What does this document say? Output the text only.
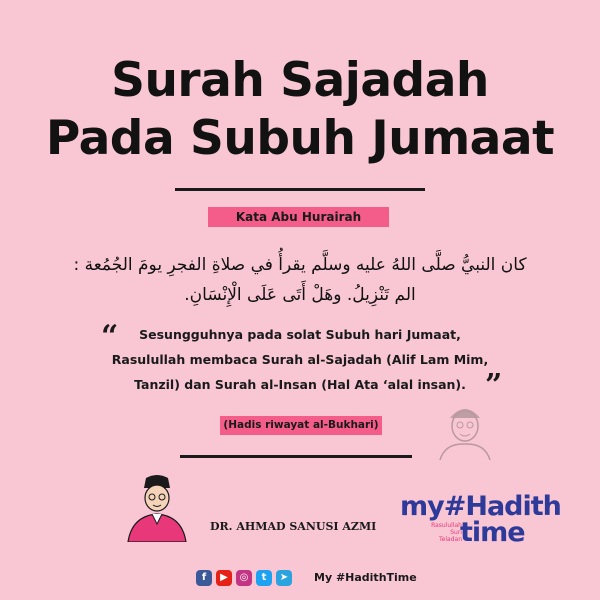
Surah Sajadah
Pada Subuh Jumaat
Kata Abu Hurairah
كان النبيُّ صلَّى اللهُ عليه وسلَّم يقرأُ في صلاةِ الفجرِ يومَ الجُمُعة :
الم تَنْزِيلُ. وهَلْ أَتَى عَلَى الْإِنْسَانِ.
“	Sesungguhnya pada solat Subuh hari Jumaat,
Rasulullah membaca Surah al-Sajadah (Alif Lam Mim,
Tanzil) dan Surah al-Insan (Hal Ata ‘alal insan). ”
(Hadis riwayat al-Bukhari)
DR. AHMAD SANUSI AZMI
my#Hadith
Rasulullah
Suri
Teladan
time
f	▶	◎	t	➤	My #HadithTime
